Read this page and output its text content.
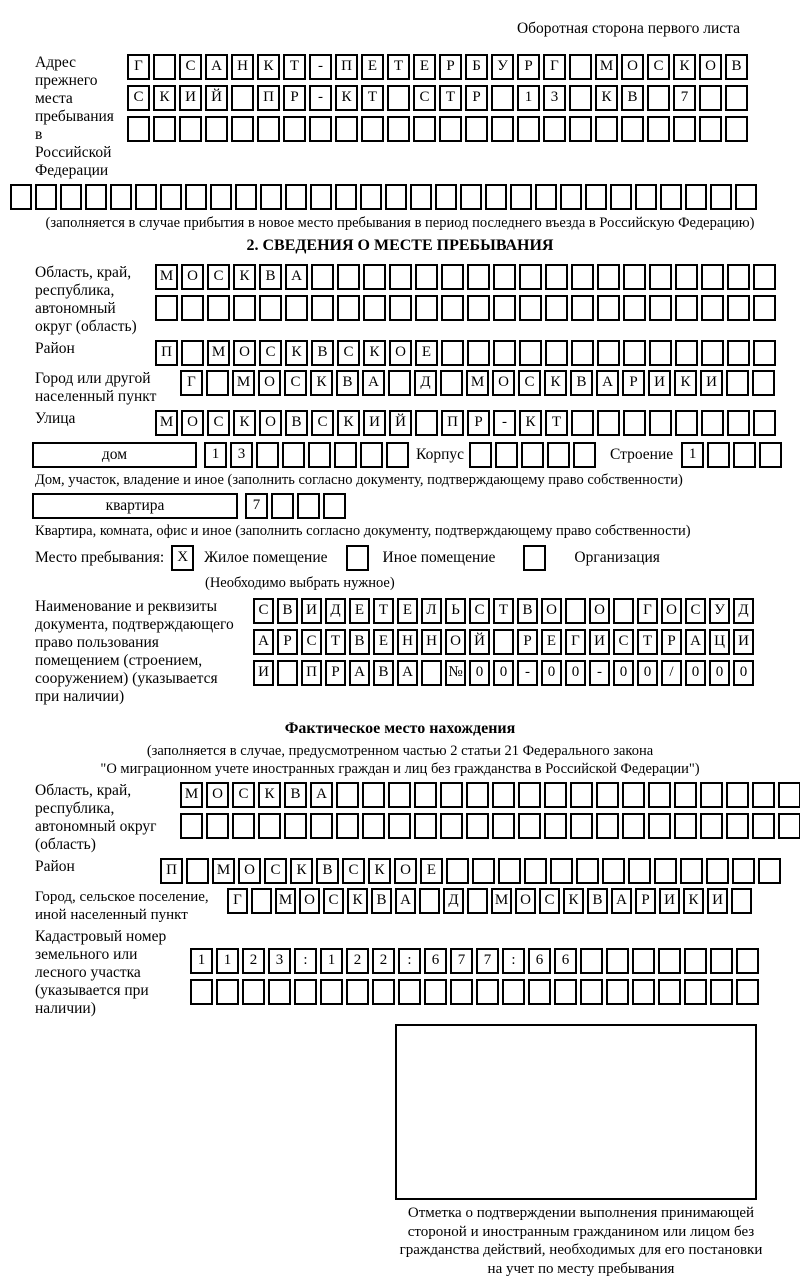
Оборотная сторона первого листа
Адрес прежнего места пребывания в Российской Федерации
Г	С	А	Н	К	Т	-	П	Е	Т	Е	Р	Б	У	Р	Г	М О	С	К	О	В
С	К	И	Й	П	Р	-	К	Т	С	Т	Р	1	3	К	В	7
(заполняется в случае прибытия в новое место пребывания в период последнего въезда в Российскую Федерацию)
2. СВЕДЕНИЯ О МЕСТЕ ПРЕБЫВАНИЯ
Область, край, республика, автономный округ (область)
М О	С	К	В	А
Район	П	М О	С	К	В	С	К	О	Е
Город или другой населенный пункт
Г	М О	С	К	В	А	Д	М О	С	К	В	А	Р	И	К	И
Улица	М О	С	К	О	В	С	К	И	Й	П	Р	-	К	Т
дом	1	3	Корпус	Строение	1
Дом, участок, владение и иное (заполнить согласно документу, подтверждающему право собственности)
квартира	7
Квартира, комната, офис и иное (заполнить согласно документу, подтверждающему право собственности)
Место пребывания: X	Жилое помещение	Иное помещение	Организация
(Необходимо выбрать нужное)
Наименование и реквизиты документа, подтверждающего право пользования помещением (строением, сооружением) (указывается при наличии)
С В И Д Е Т Е Л Ь С Т В О	О	Г О С У Д
А Р С Т В Е Н Н О Й	Р	Е	Г И С Т	Р А Ц И
И	П Р А В А	№ 0	0	-	0	0	-	0	0	/	0	0	0
Фактическое место нахождения
(заполняется в случае, предусмотренном частью 2 статьи 21 Федерального закона
"О миграционном учете иностранных граждан и лиц без гражданства в Российской Федерации")
Область, край, республика, автономный округ (область)
М О	С	К	В	А
Район	П	М О	С	К	В	С	К	О	Е
Город, сельское поселение, иной населенный пункт
Г	М О С К В А	Д	М О С К В А Р И К И
Кадастровый номер земельного или лесного участка (указывается при наличии)
1	1	2	3	:	1	2	2	:	6	7	7	:	6	6
Отметка о подтверждении выполнения принимающей стороной и иностранным гражданином или лицом без гражданства действий, необходимых для его постановки на учет по месту пребывания
